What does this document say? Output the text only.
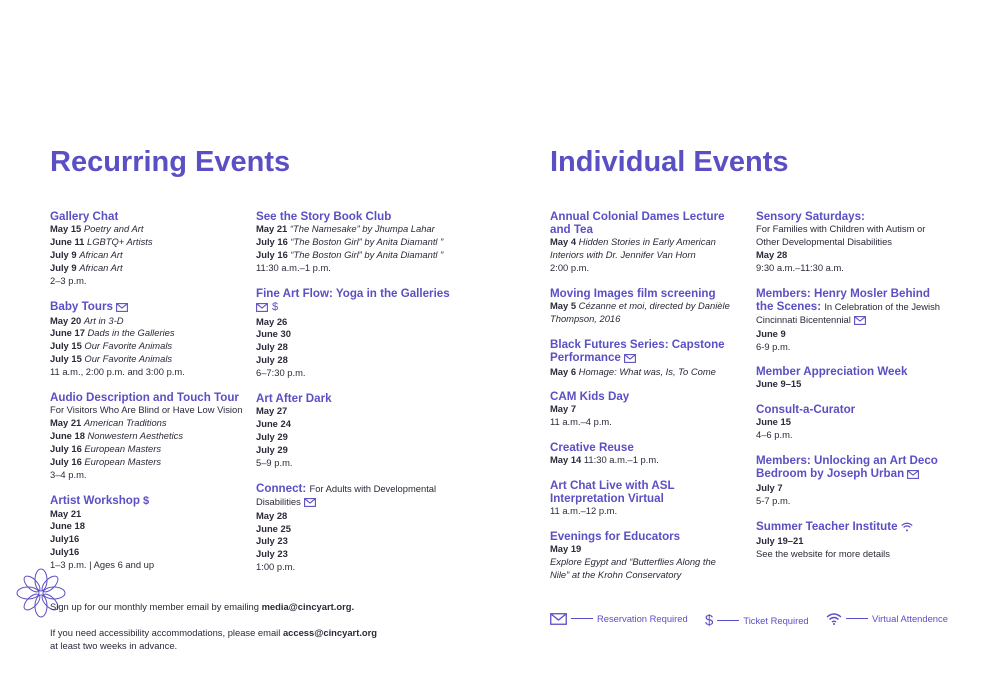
Recurring Events	Individual Events
Gallery Chat
May 15 Poetry and Art
June 11 LGBTQ+ Artists
July 9 African Art
July 9 African Art
2–3 p.m.
Baby Tours
May 20 Art in 3-D
June 17 Dads in the Galleries
July 15 Our Favorite Animals
July 15 Our Favorite Animals
11 a.m., 2:00 p.m. and 3:00 p.m.
Audio Description and Touch Tour
For Visitors Who Are Blind or Have Low Vision
May 21 American Traditions
June 18 Nonwestern Aesthetics
July 16 European Masters
July 16 European Masters
3–4 p.m.
Artist Workshop $
May 21
June 18
July16
July16
1–3 p.m. | Ages 6 and up
See the Story Book Club
May 21 “The Namesake” by Jhumpa Lahar
July 16 “The Boston Girl” by Anita Diamantl ”
July 16 “The Boston Girl” by Anita Diamantl ”
11:30 a.m.–1 p.m.
Fine Art Flow: Yoga in the Galleries
$
May 26
June 30
July 28
July 28
6–7:30 p.m.
Art After Dark
May 27
June 24
July 29
July 29
5–9 p.m.
Connect: For Adults with Developmental Disabilities
May 28
June 25
July 23
July 23
1:00 p.m.
Annual Colonial Dames Lecture and Tea
May 4 Hidden Stories in Early American Interiors with Dr. Jennifer Van Horn
2:00 p.m.
Moving Images film screening
May 5 Cézanne et moi, directed by Danièle Thompson, 2016
Black Futures Series: Capstone Performance
May 6 Homage: What was, Is, To Come
CAM Kids Day
May 7
11 a.m.–4 p.m.
Creative Reuse
May 14 11:30 a.m.–1 p.m.
Art Chat Live with ASL Interpretation Virtual
11 a.m.–12 p.m.
Evenings for Educators
May 19
Explore Egypt and “Butterflies Along the Nile” at the Krohn Conservatory
Sensory Saturdays:
For Families with Children with Autism or Other Developmental Disabilities
May 28
9:30 a.m.–11:30 a.m.
Members: Henry Mosler Behind the Scenes: In Celebration of the Jewish Cincinnati Bicentennial
June 9
6-9 p.m.
Member Appreciation Week
June 9–15
Consult-a-Curator
June 15
4–6 p.m.
Members: Unlocking an Art Deco Bedroom by Joseph Urban
July 7
5-7 p.m.
Summer Teacher Institute
July 19–21
See the website for more details
Sign up for our monthly member email by emailing media@cincyart.org.
If you need accessibility accommodations, please email access@cincyart.org
at least two weeks in advance.
Reservation Required $	Ticket Required	Virtual Attendence
